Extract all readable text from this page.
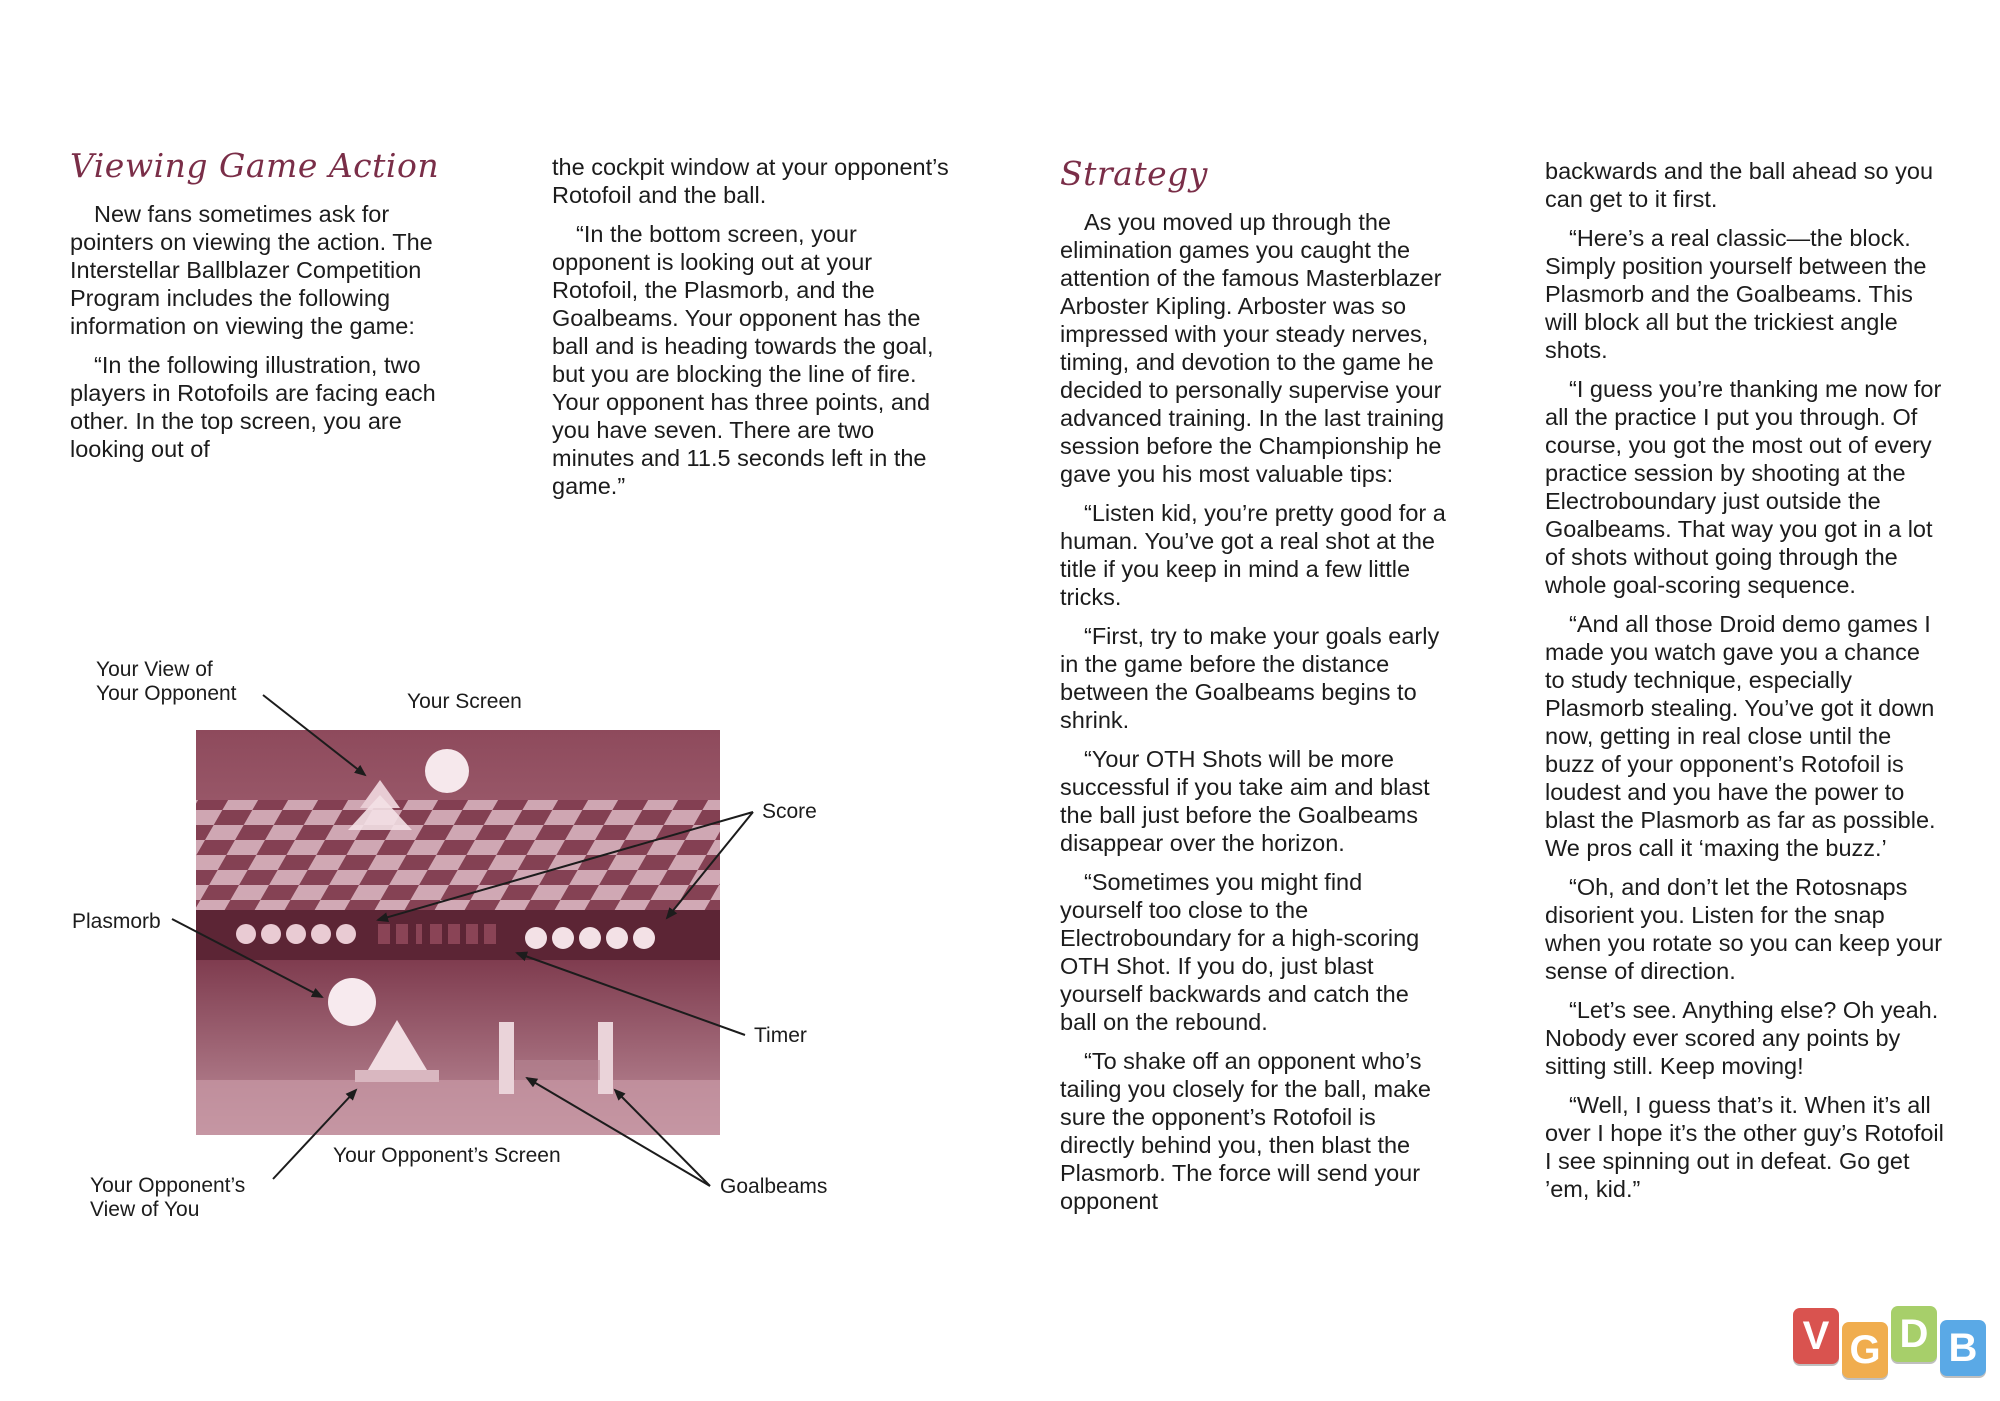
Viewing Game Action

New fans sometimes ask for pointers on viewing the action. The Interstellar Ballblazer Competition Program includes the following information on viewing the game:

“In the following illustration, two players in Rotofoils are facing each other. In the top screen, you are looking out of

the cockpit window at your opponent’s Rotofoil and the ball.

“In the bottom screen, your opponent is looking out at your Rotofoil, the Plasmorb, and the Goalbeams. Your opponent has the ball and is heading towards the goal, but you are blocking the line of fire. Your opponent has three points, and you have seven. There are two minutes and 11.5 seconds left in the game.”

Your View of
Your Opponent	Your Screen
Score
Plasmorb
Timer
Your Opponent’s Screen
Your Opponent’s
View of You
Goalbeams
Strategy

As you moved up through the elimination games you caught the attention of the famous Masterblazer Arboster Kipling. Arboster was so impressed with your steady nerves, timing, and devotion to the game he decided to personally supervise your advanced training. In the last training session before the Championship he gave you his most valuable tips:

“Listen kid, you’re pretty good for a human. You’ve got a real shot at the title if you keep in mind a few little tricks.

“First, try to make your goals early in the game before the distance between the Goalbeams begins to shrink.

“Your OTH Shots will be more successful if you take aim and blast the ball just before the Goalbeams disappear over the horizon.

“Sometimes you might find yourself too close to the Electroboundary for a high-scoring OTH Shot. If you do, just blast yourself backwards and catch the ball on the rebound.

“To shake off an opponent who’s tailing you closely for the ball, make sure the opponent’s Rotofoil is directly behind you, then blast the Plasmorb. The force will send your opponent

backwards and the ball ahead so you can get to it first.

“Here’s a real classic—the block. Simply position yourself between the Plasmorb and the Goalbeams. This will block all but the trickiest angle shots.

“I guess you’re thanking me now for all the practice I put you through. Of course, you got the most out of every practice session by shooting at the Electroboundary just outside the Goalbeams. That way you got in a lot of shots without going through the whole goal-scoring sequence.

“And all those Droid demo games I made you watch gave you a chance to study technique, especially Plasmorb stealing. You’ve got it down now, getting in real close until the buzz of your opponent’s Rotofoil is loudest and you have the power to blast the Plasmorb as far as possible. We pros call it ‘maxing the buzz.’

“Oh, and don’t let the Rotosnaps disorient you. Listen for the snap when you rotate so you can keep your sense of direction.

“Let’s see. Anything else? Oh yeah. Nobody ever scored any points by sitting still. Keep moving!

“Well, I guess that’s it. When it’s all over I hope it’s the other guy’s Rotofoil I see spinning out in defeat. Go get ’em, kid.”

V G D B
